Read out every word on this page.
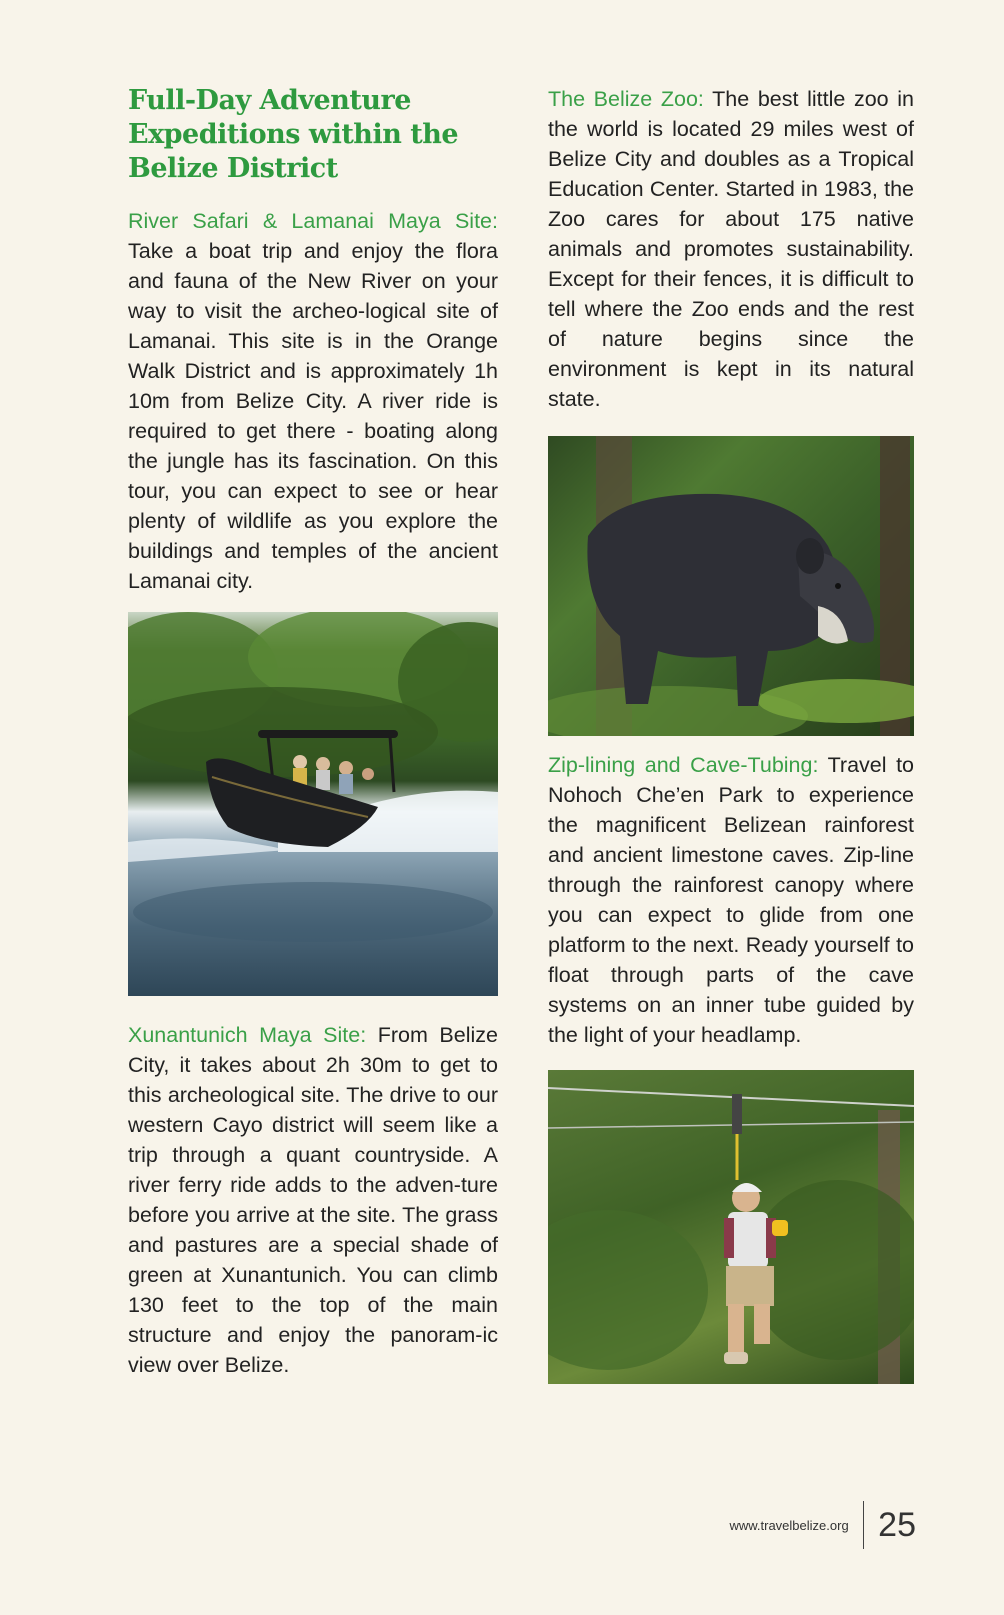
Full-Day Adventure Expeditions within the Belize District

River Safari & Lamanai Maya Site: Take a boat trip and enjoy the flora and fauna of the New River on your way to visit the archeo-logical site of Lamanai. This site is in the Orange Walk District and is approximately 1h 10m from Belize City. A river ride is required to get there - boating along the jungle has its fascination. On this tour, you can expect to see or hear plenty of wildlife as you explore the buildings and temples of the ancient Lamanai city.

Xunantunich Maya Site: From Belize City, it takes about 2h 30m to get to this archeological site. The drive to our western Cayo district will seem like a trip through a quant countryside. A river ferry ride adds to the adven-ture before you arrive at the site. The grass and pastures are a special shade of green at Xunantunich. You can climb 130 feet to the top of the main structure and enjoy the panoram-ic view over Belize.

The Belize Zoo: The best little zoo in the world is located 29 miles west of Belize City and doubles as a Tropical Education Center. Started in 1983, the Zoo cares for about 175 native animals and promotes sustainability. Except for their fences, it is difficult to tell where the Zoo ends and the rest of nature begins since the environment is kept in its natural state.

Zip-lining and Cave-Tubing: Travel to Nohoch Che’en Park to experience the magnificent Belizean rainforest and ancient limestone caves. Zip-line through the rainforest canopy where you can expect to glide from one platform to the next. Ready yourself to float through parts of the cave systems on an inner tube guided by the light of your headlamp.

www.travelbelize.org 25
